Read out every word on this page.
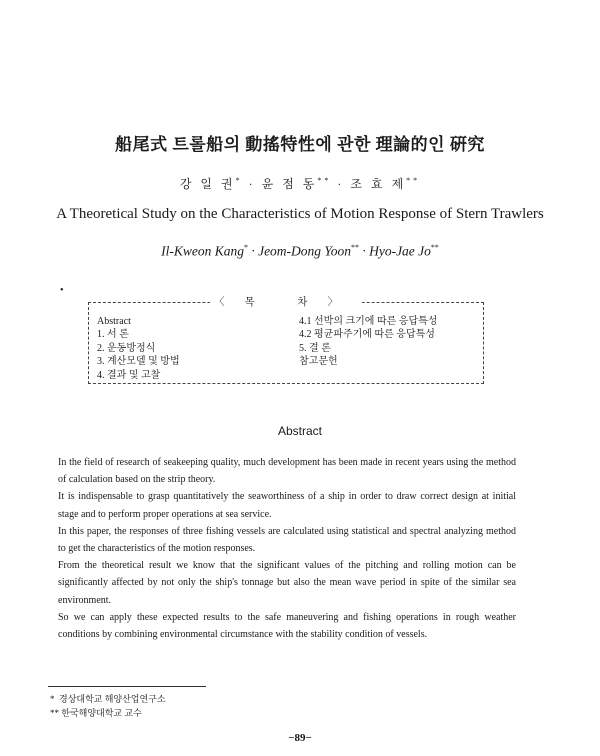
船尾式 트롤船의 動搖特性에 관한 理論的인 硏究
강 일 권* · 윤 점 동** · 조 효 제**
A Theoretical Study on the Characteristics of Motion Response of Stern Trawlers
Il-Kweon Kang* · Jeom-Dong Yoon** · Hyo-Jae Jo**
•
〈목 차〉
Abstract
1. 서 론
2. 운동방정식
3. 계산모델 및 방법
4. 결과 및 고찰
4.1 선박의 크기에 따른 응답특성
4.2 평균파주기에 따른 응답특성
5. 결 론
참고문헌
Abstract

In the field of research of seakeeping quality, much development has been made in recent years using the method of calculation based on the strip theory.

It is indispensable to grasp quantitatively the seaworthiness of a ship in order to draw correct design at initial stage and to perform proper operations at sea service.

In this paper, the responses of three fishing vessels are calculated using statistical and spectral analyzing method to get the characteristics of the motion responses.

From the theoretical result we know that the significant values of the pitching and rolling motion can be significantly affected by not only the ship's tonnage but also the mean wave period in spite of the similar sea environment.

So we can apply these expected results to the safe maneuvering and fishing operations in rough weather conditions by combining environmental circumstance with the stability condition of vessels.

* 경상대학교 해양산업연구소
** 한국해양대학교 교수
−89−
